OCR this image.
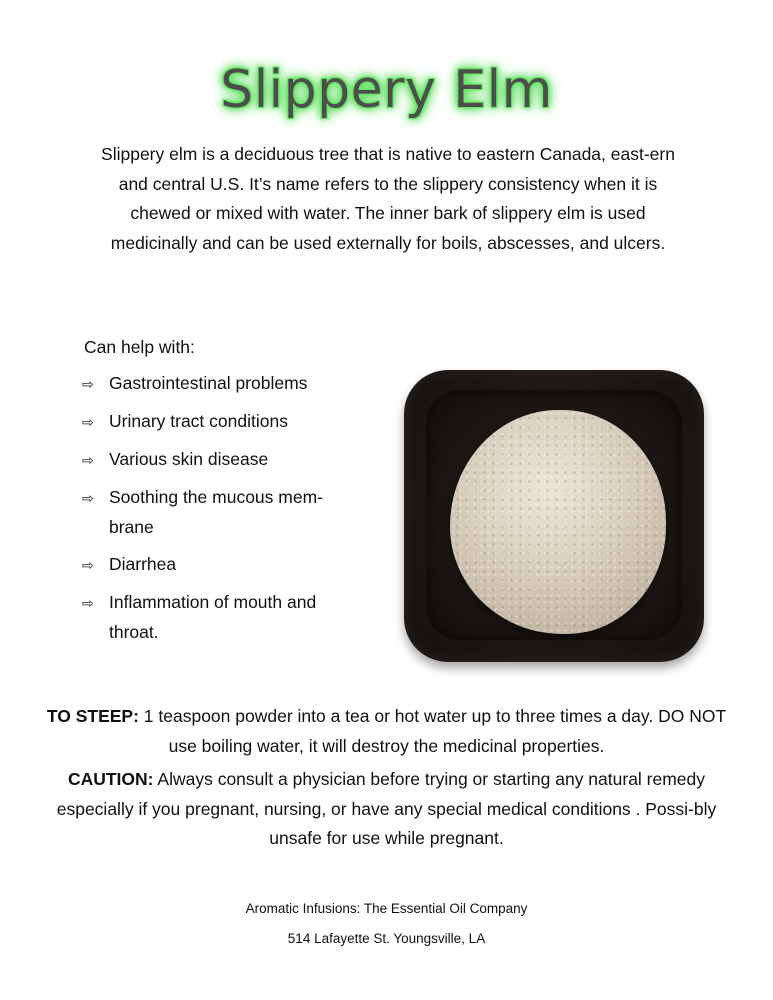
Slippery Elm

Slippery elm is a deciduous tree that is native to eastern Canada, east-ern and central U.S. It’s name refers to the slippery consistency when it is chewed or mixed with water. The inner bark of slippery elm is used medicinally and can be used externally for boils, abscesses, and ulcers.

Can help with:
⇨ Gastrointestinal problems
⇨ Urinary tract conditions
⇨ Various skin disease
⇨ Soothing the mucous mem-brane
⇨ Diarrhea
⇨ Inflammation of mouth and throat.

TO STEEP: 1 teaspoon powder into a tea or hot water up to three times a day. DO NOT use boiling water, it will destroy the medicinal properties.

CAUTION: Always consult a physician before trying or starting any natural remedy especially if you pregnant, nursing, or have any special medical conditions . Possi-bly unsafe for use while pregnant.

Aromatic Infusions: The Essential Oil Company
514 Lafayette St. Youngsville, LA
